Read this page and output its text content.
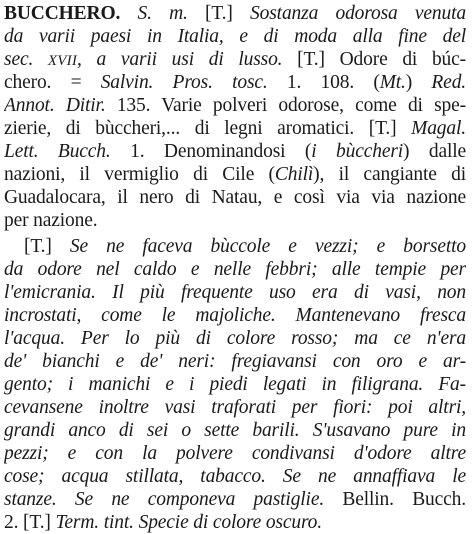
BUCCHERO. S. m. [T.] Sostanza odorosa venuta
da varii paesi in Italia, e di moda alla fine del
sec. XVII, a varii usi di lusso. [T.] Odore di búc-
chero. = Salvin. Pros. tosc. 1. 108. (Mt.) Red.
Annot. Ditir. 135. Varie polveri odorose, come di spe-
zierie, di bùccheri,... di legni aromatici. [T.] Magal.
Lett. Bucch. 1. Denominandosi (i bùccheri) dalle
nazioni, il vermiglio di Cile (Chilì), il cangiante di
Guadalocara, il nero di Natau, e così via via nazione
per nazione.
[T.] Se ne faceva bùccole e vezzi; e borsetto
da odore nel caldo e nelle febbri; alle tempie per
l'emicrania. Il più frequente uso era di vasi, non
incrostati, come le majoliche. Mantenevano fresca
l'acqua. Per lo più di colore rosso; ma ce n'era
de' bianchi e de' neri: fregiavansi con oro e ar-
gento; i manichi e i piedi legati in filigrana. Fa-
cevansene inoltre vasi traforati per fiori: poi altri,
grandi anco di sei o sette barili. S'usavano pure in
pezzi; e con la polvere condivansi d'odore altre
cose; acqua stillata, tabacco. Se ne annaffiava le
stanze. Se ne componeva pastiglie. Bellin. Bucch.
2. [T.] Term. tint. Specie di colore oscuro.
